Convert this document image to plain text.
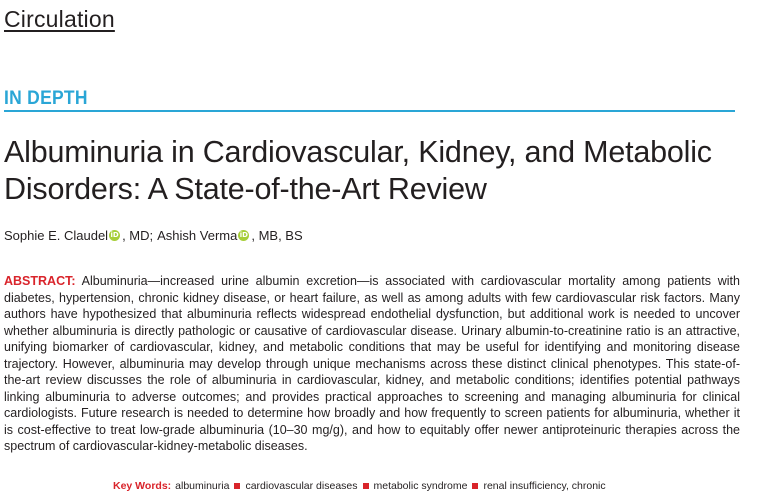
Circulation
IN DEPTH
Albuminuria in Cardiovascular, Kidney, and Metabolic Disorders: A State-of-the-Art Review
Sophie E. Claudel iD , MD; Ashish Verma iD , MB, BS
ABSTRACT: Albuminuria—increased urine albumin excretion—is associated with cardiovascular mortality among patients with diabetes, hypertension, chronic kidney disease, or heart failure, as well as among adults with few cardiovascular risk factors. Many authors have hypothesized that albuminuria reflects widespread endothelial dysfunction, but additional work is needed to uncover whether albuminuria is directly pathologic or causative of cardiovascular disease. Urinary albumin-to-creatinine ratio is an attractive, unifying biomarker of cardiovascular, kidney, and metabolic conditions that may be useful for identifying and monitoring disease trajectory. However, albuminuria may develop through unique mechanisms across these distinct clinical phenotypes. This state-of-the-art review discusses the role of albuminuria in cardiovascular, kidney, and metabolic conditions; identifies potential pathways linking albuminuria to adverse outcomes; and provides practical approaches to screening and managing albuminuria for clinical cardiologists. Future research is needed to determine how broadly and how frequently to screen patients for albuminuria, whether it is cost-effective to treat low-grade albuminuria (10–30 mg/g), and how to equitably offer newer antiproteinuric therapies across the spectrum of cardiovascular-kidney-metabolic diseases.
Key Words: albuminuria cardiovascular diseases metabolic syndrome renal insufficiency, chronic
